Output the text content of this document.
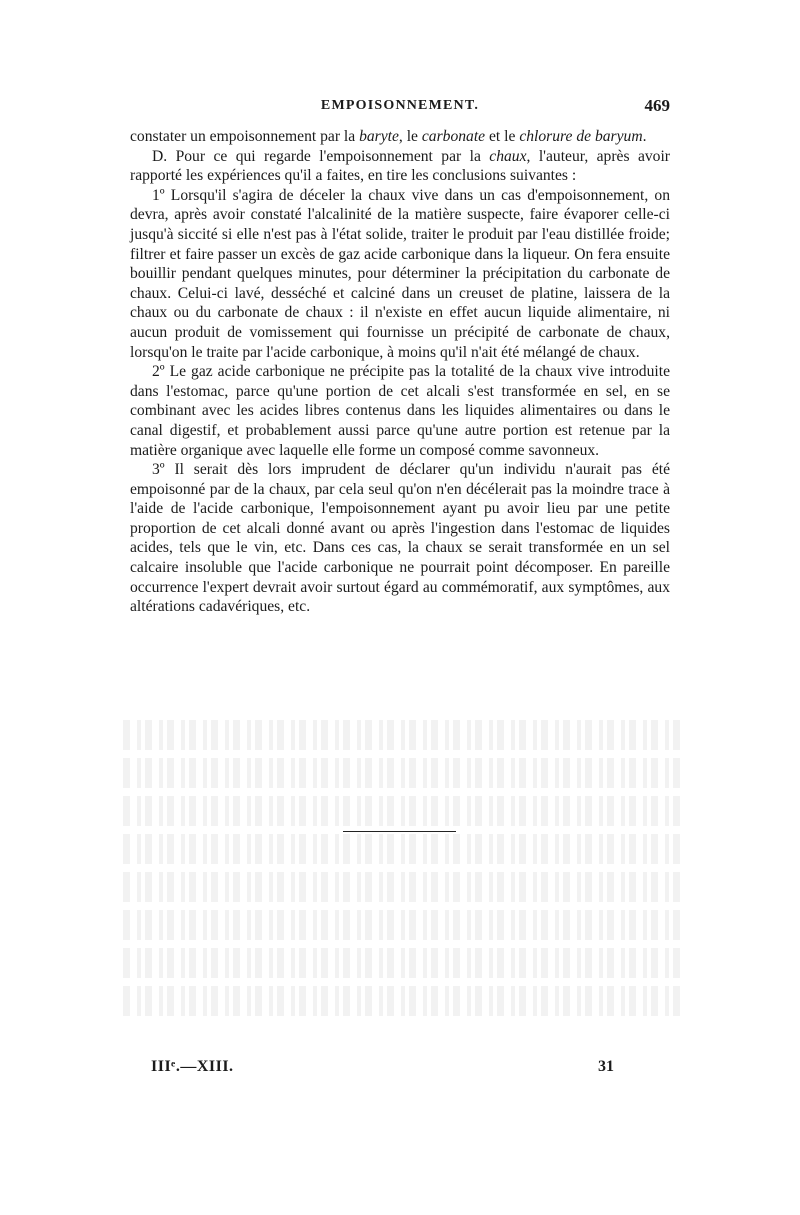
EMPOISONNEMENT.	469

constater un empoisonnement par la baryte, le carbonate et le chlorure de baryum.

D. Pour ce qui regarde l'empoisonnement par la chaux, l'auteur, après avoir rapporté les expériences qu'il a faites, en tire les conclusions suivantes :

1º Lorsqu'il s'agira de déceler la chaux vive dans un cas d'empoisonnement, on devra, après avoir constaté l'alcalinité de la matière suspecte, faire évaporer celle-ci jusqu'à siccité si elle n'est pas à l'état solide, traiter le produit par l'eau distillée froide; filtrer et faire passer un excès de gaz acide carbonique dans la liqueur. On fera ensuite bouillir pendant quelques minutes, pour déterminer la précipitation du carbonate de chaux. Celui-ci lavé, desséché et calciné dans un creuset de platine, laissera de la chaux ou du carbonate de chaux : il n'existe en effet aucun liquide alimentaire, ni aucun produit de vomissement qui fournisse un précipité de carbonate de chaux, lorsqu'on le traite par l'acide carbonique, à moins qu'il n'ait été mélangé de chaux.

2º Le gaz acide carbonique ne précipite pas la totalité de la chaux vive introduite dans l'estomac, parce qu'une portion de cet alcali s'est transformée en sel, en se combinant avec les acides libres contenus dans les liquides alimentaires ou dans le canal digestif, et probablement aussi parce qu'une autre portion est retenue par la matière organique avec laquelle elle forme un composé comme savonneux.

3º Il serait dès lors imprudent de déclarer qu'un individu n'aurait pas été empoisonné par de la chaux, par cela seul qu'on n'en décélerait pas la moindre trace à l'aide de l'acide carbonique, l'empoisonnement ayant pu avoir lieu par une petite proportion de cet alcali donné avant ou après l'ingestion dans l'estomac de liquides acides, tels que le vin, etc. Dans ces cas, la chaux se serait transformée en un sel calcaire insoluble que l'acide carbonique ne pourrait point décomposer. En pareille occurrence l'expert devrait avoir surtout égard au commémoratif, aux symptômes, aux altérations cadavériques, etc.

IIIᵉ.—XIII.	31
